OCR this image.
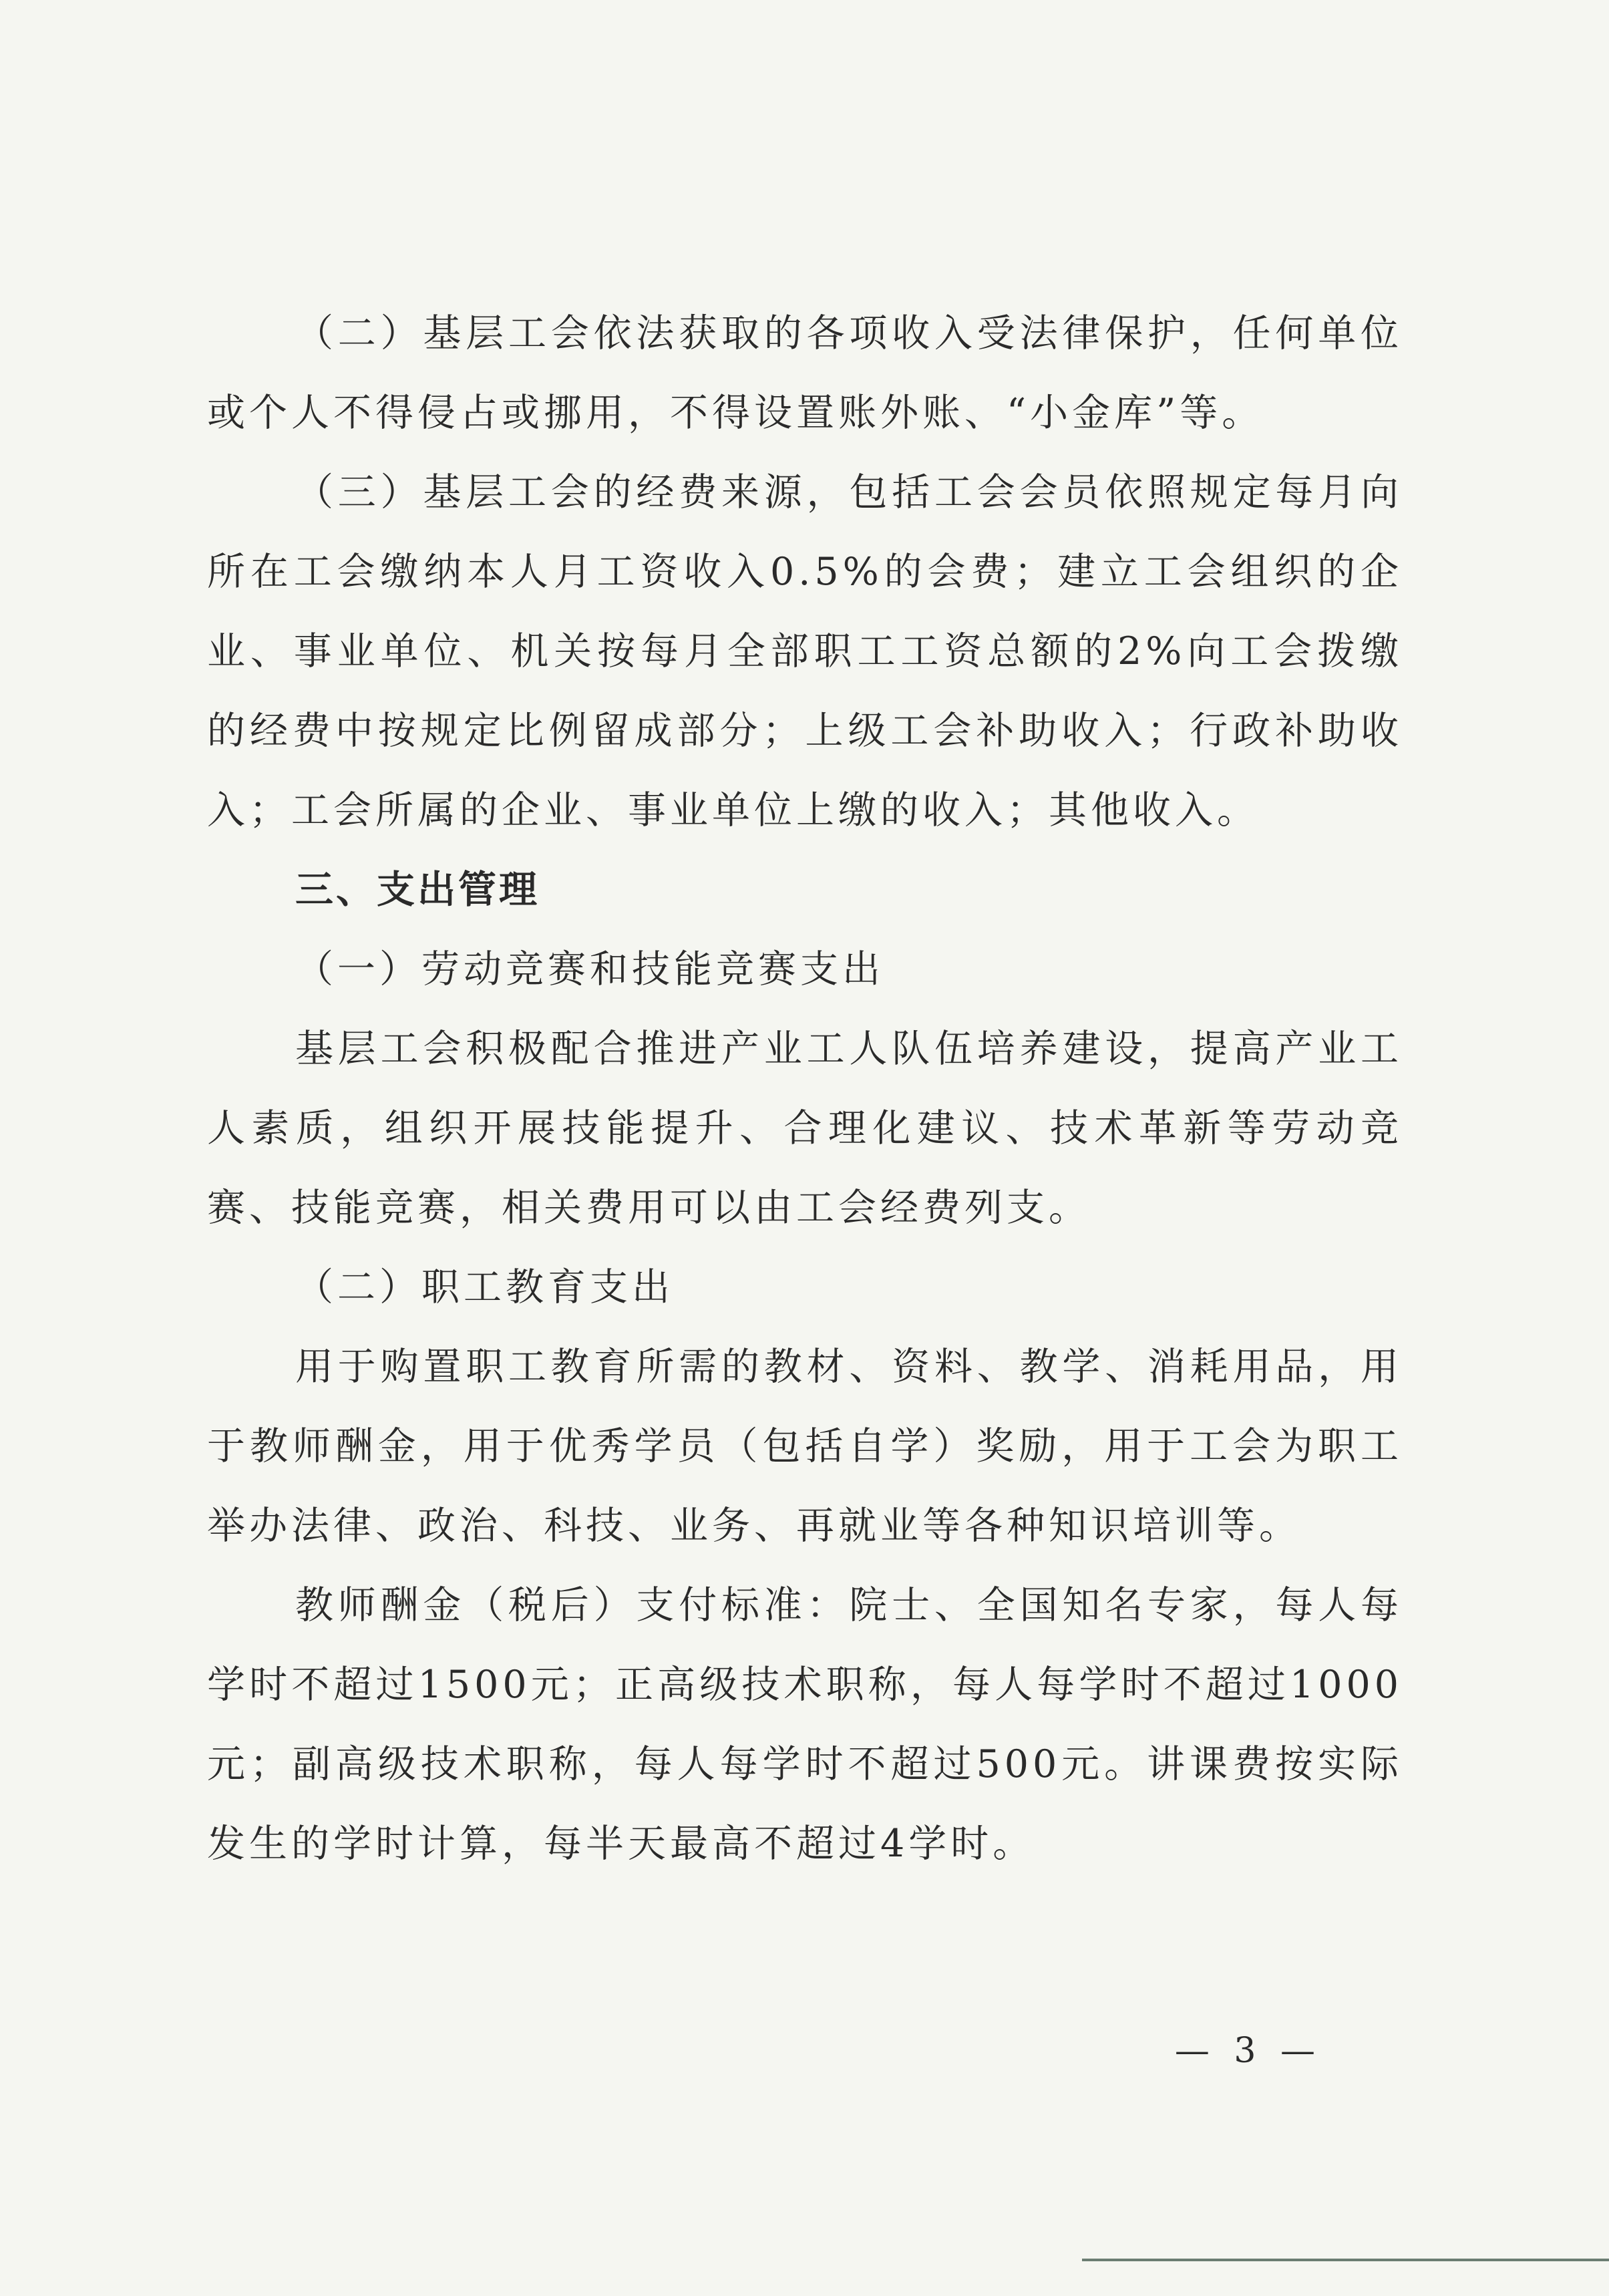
（二）基层工会依法获取的各项收入受法律保护，任何单位或个人不得侵占或挪用，不得设置账外账、“小金库”等。

（三）基层工会的经费来源，包括工会会员依照规定每月向所在工会缴纳本人月工资收入0.5%的会费；建立工会组织的企业、事业单位、机关按每月全部职工工资总额的2%向工会拨缴的经费中按规定比例留成部分；上级工会补助收入；行政补助收入；工会所属的企业、事业单位上缴的收入；其他收入。

三、支出管理

（一）劳动竞赛和技能竞赛支出

基层工会积极配合推进产业工人队伍培养建设，提高产业工人素质，组织开展技能提升、合理化建议、技术革新等劳动竞赛、技能竞赛，相关费用可以由工会经费列支。

（二）职工教育支出

用于购置职工教育所需的教材、资料、教学、消耗用品，用于教师酬金，用于优秀学员（包括自学）奖励，用于工会为职工举办法律、政治、科技、业务、再就业等各种知识培训等。

教师酬金（税后）支付标准：院士、全国知名专家，每人每学时不超过1500元；正高级技术职称，每人每学时不超过1000元；副高级技术职称，每人每学时不超过500元。讲课费按实际发生的学时计算，每半天最高不超过4学时。

— 3 —
